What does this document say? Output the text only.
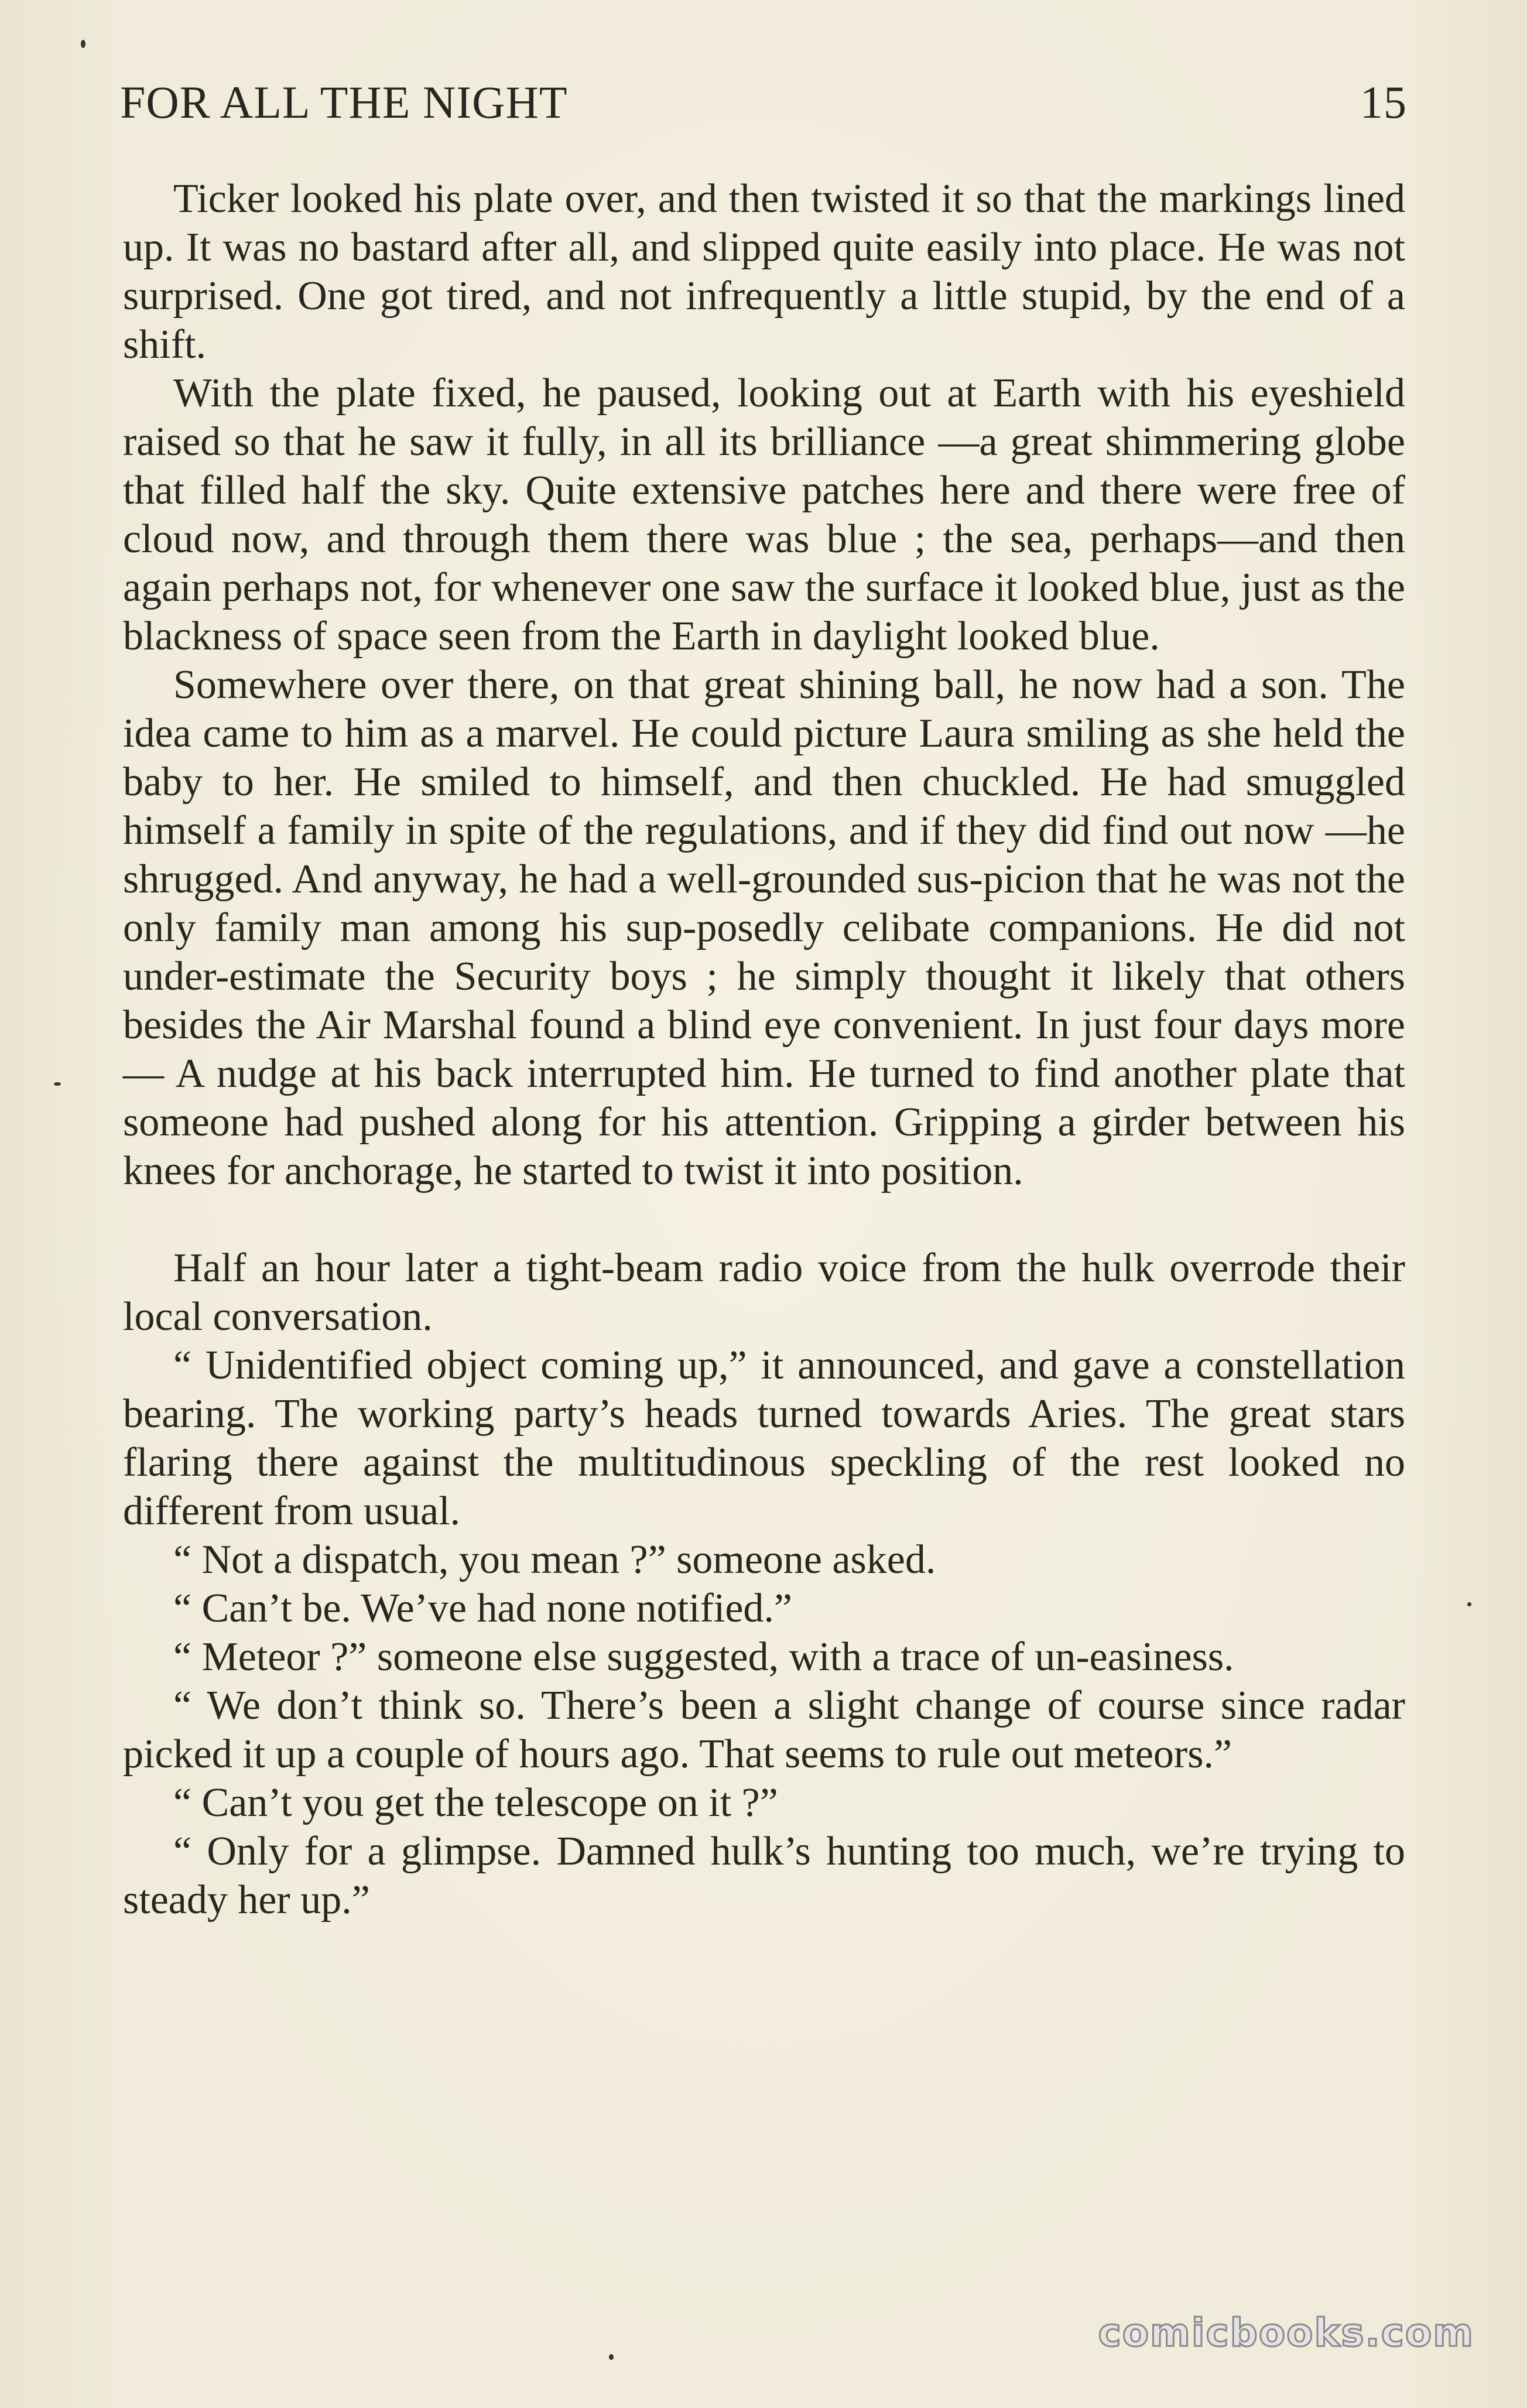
FOR ALL THE NIGHT	15

Ticker looked his plate over, and then twisted it so that the markings lined up. It was no bastard after all, and slipped quite easily into place. He was not surprised. One got tired, and not infrequently a little stupid, by the end of a shift.

With the plate fixed, he paused, looking out at Earth with his eyeshield raised so that he saw it fully, in all its brilliance —a great shimmering globe that filled half the sky. Quite extensive patches here and there were free of cloud now, and through them there was blue ; the sea, perhaps—and then again perhaps not, for whenever one saw the surface it looked blue, just as the blackness of space seen from the Earth in daylight looked blue.

Somewhere over there, on that great shining ball, he now had a son. The idea came to him as a marvel. He could picture Laura smiling as she held the baby to her. He smiled to himself, and then chuckled. He had smuggled himself a family in spite of the regulations, and if they did find out now —he shrugged. And anyway, he had a well-grounded sus-picion that he was not the only family man among his sup-posedly celibate companions. He did not under-estimate the Security boys ; he simply thought it likely that others besides the Air Marshal found a blind eye convenient. In just four days more— A nudge at his back interrupted him. He turned to find another plate that someone had pushed along for his attention. Gripping a girder between his knees for anchorage, he started to twist it into position.

Half an hour later a tight-beam radio voice from the hulk overrode their local conversation.

“ Unidentified object coming up,” it announced, and gave a constellation bearing. The working party’s heads turned towards Aries. The great stars flaring there against the multitudinous speckling of the rest looked no different from usual.

“ Not a dispatch, you mean ?” someone asked.

“ Can’t be. We’ve had none notified.”

“ Meteor ?” someone else suggested, with a trace of un-easiness.

“ We don’t think so. There’s been a slight change of course since radar picked it up a couple of hours ago. That seems to rule out meteors.”

“ Can’t you get the telescope on it ?”

“ Only for a glimpse. Damned hulk’s hunting too much, we’re trying to steady her up.”

comicbooks.com
